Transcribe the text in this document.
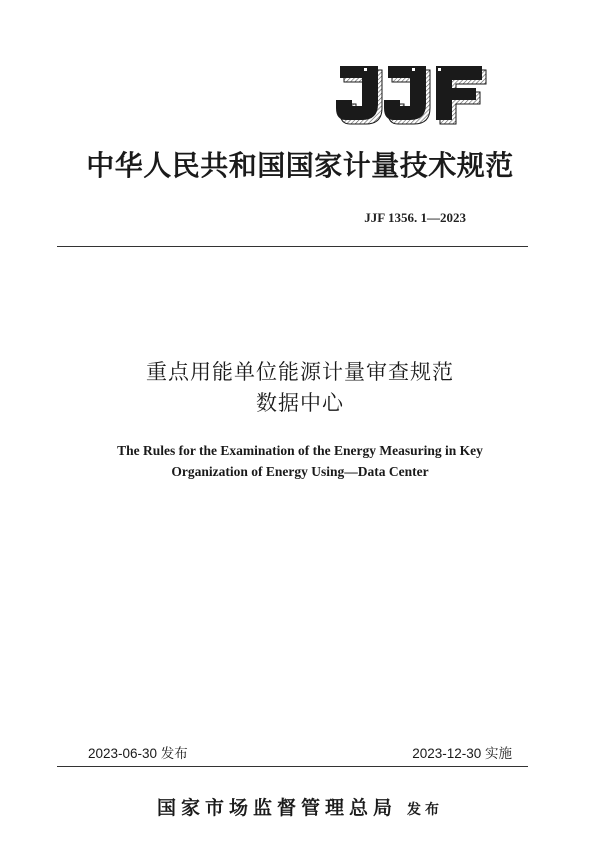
中华人民共和国国家计量技术规范
JJF 1356. 1—2023
重点用能单位能源计量审查规范
数据中心
The Rules for the Examination of the Energy Measuring in Key
Organization of Energy Using—Data Center
2023-06-30 发布	2023-12-30 实施
国家市场监督管理总局 发布
